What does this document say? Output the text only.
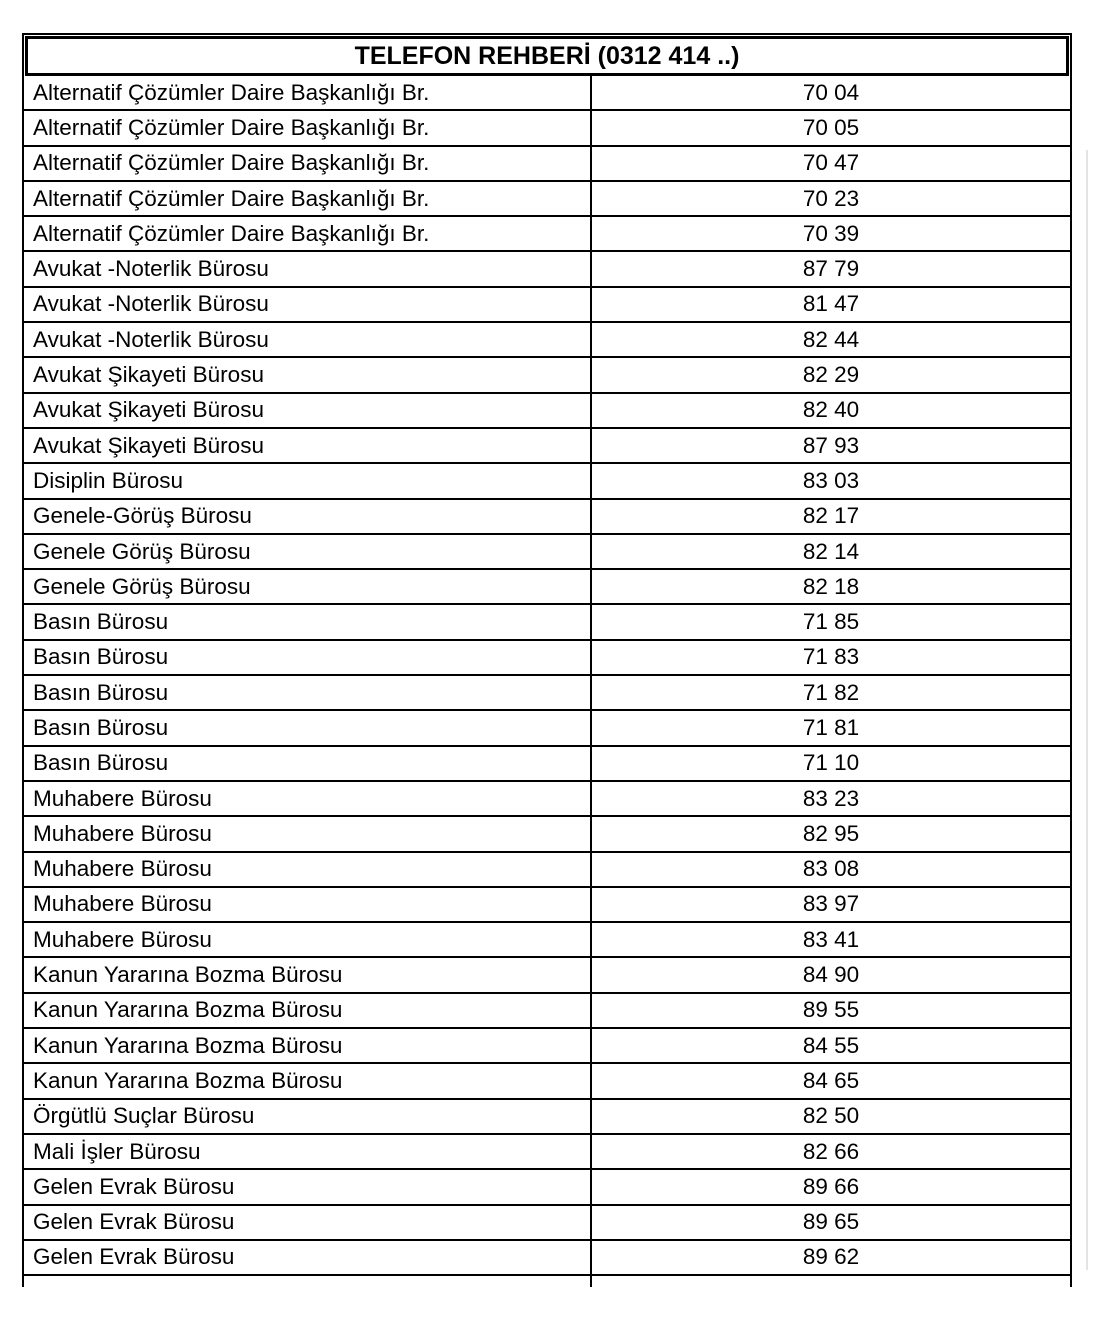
TELEFON REHBERİ (0312 414 ..)
Alternatif Çözümler Daire Başkanlığı Br.	70 04
Alternatif Çözümler Daire Başkanlığı Br.	70 05
Alternatif Çözümler Daire Başkanlığı Br.	70 47
Alternatif Çözümler Daire Başkanlığı Br.	70 23
Alternatif Çözümler Daire Başkanlığı Br.	70 39
Avukat -Noterlik Bürosu	87 79
Avukat -Noterlik Bürosu	81 47
Avukat -Noterlik Bürosu	82 44
Avukat Şikayeti Bürosu	82 29
Avukat Şikayeti Bürosu	82 40
Avukat Şikayeti Bürosu	87 93
Disiplin Bürosu	83 03
Genele-Görüş Bürosu	82 17
Genele Görüş Bürosu	82 14
Genele Görüş Bürosu	82 18
Basın Bürosu	71 85
Basın Bürosu	71 83
Basın Bürosu	71 82
Basın Bürosu	71 81
Basın Bürosu	71 10
Muhabere Bürosu	83 23
Muhabere Bürosu	82 95
Muhabere Bürosu	83 08
Muhabere Bürosu	83 97
Muhabere Bürosu	83 41
Kanun Yararına Bozma Bürosu	84 90
Kanun Yararına Bozma Bürosu	89 55
Kanun Yararına Bozma Bürosu	84 55
Kanun Yararına Bozma Bürosu	84 65
Örgütlü Suçlar Bürosu	82 50
Mali İşler Bürosu	82 66
Gelen Evrak Bürosu	89 66
Gelen Evrak Bürosu	89 65
Gelen Evrak Bürosu	89 62
